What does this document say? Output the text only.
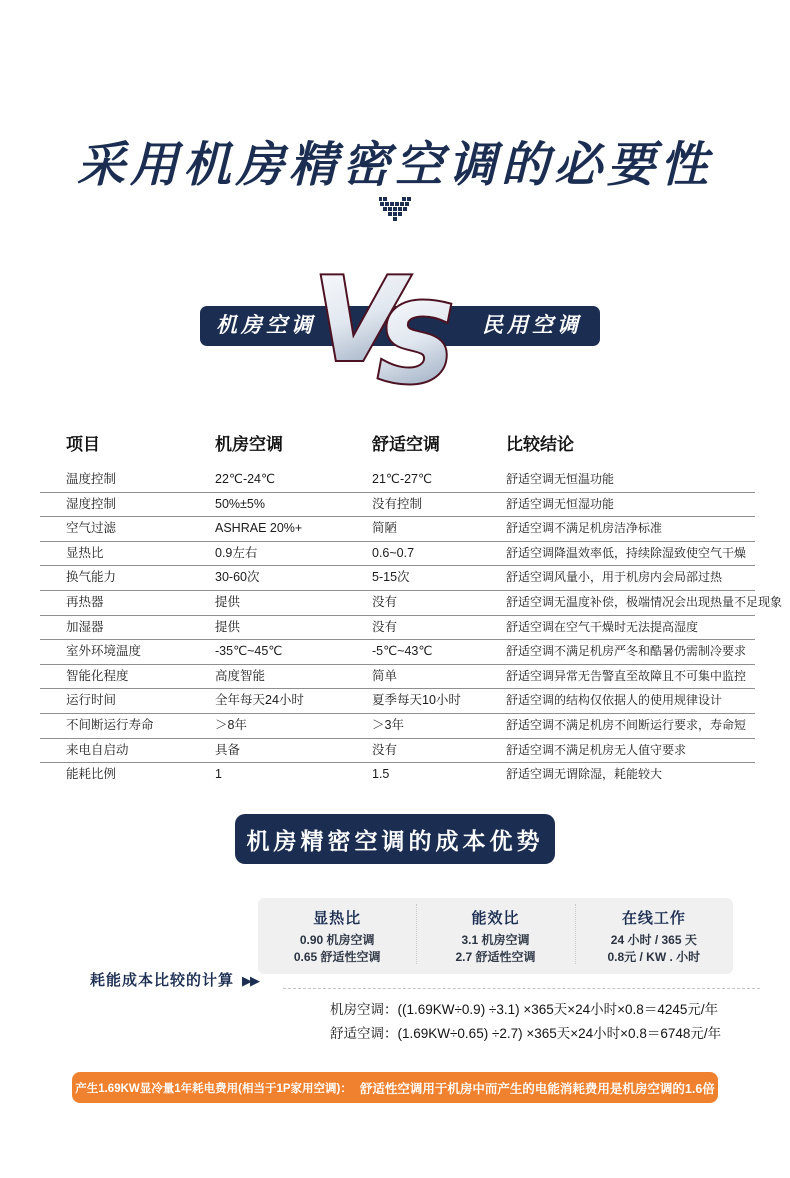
采用机房精密空调的必要性
机房空调	民用空调
V
S
项目	机房空调	舒适空调	比较结论
温度控制	22℃-24℃	21℃-27℃	舒适空调无恒温功能
湿度控制	50%±5%	没有控制	舒适空调无恒湿功能
空气过滤	ASHRAE 20%+	简陋	舒适空调不满足机房洁净标准
显热比	0.9左右	0.6~0.7	舒适空调降温效率低，持续除湿致使空气干燥
换气能力	30-60次	5-15次	舒适空调风量小，用于机房内会局部过热
再热器	提供	没有	舒适空调无温度补偿，极端情况会出现热量不足现象
加湿器	提供	没有	舒适空调在空气干燥时无法提高湿度
室外环境温度	-35℃~45℃	-5℃~43℃	舒适空调不满足机房严冬和酷暑仍需制冷要求
智能化程度	高度智能	简单	舒适空调异常无告警直至故障且不可集中监控
运行时间	全年每天24小时	夏季每天10小时	舒适空调的结构仅依据人的使用规律设计
不间断运行寿命	＞8年	＞3年	舒适空调不满足机房不间断运行要求，寿命短
来电自启动	具备	没有	舒适空调不满足机房无人值守要求
能耗比例	1	1.5	舒适空调无谓除湿，耗能较大
机房精密空调的成本优势
显热比
0.90 机房空调
0.65 舒适性空调
能效比
3.1 机房空调
2.7 舒适性空调
在线工作
24 小时 / 365 天
0.8元 / KW . 小时
耗能成本比较的计算 ▶▶
机房空调：((1.69KW÷0.9) ÷3.1) ×365天×24小时×0.8＝4245元/年
舒适空调：(1.69KW÷0.65) ÷2.7) ×365天×24小时×0.8＝6748元/年
产生1.69KW显冷量1年耗电费用(相当于1P家用空调)： 舒适性空调用于机房中而产生的电能消耗费用是机房空调的1.6倍
